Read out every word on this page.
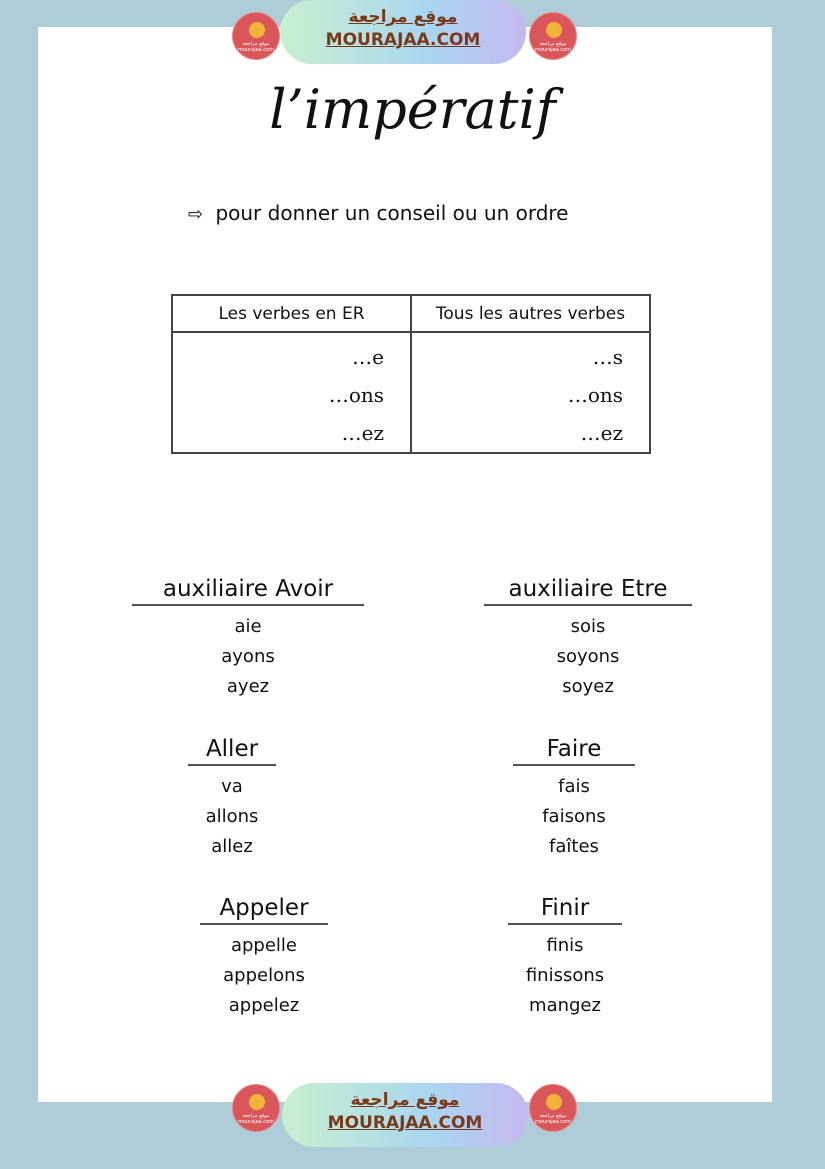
موقع مراجعة mourajaa.com
موقع مراجعة
MOURAJAA.COM	موقع مراجعة mourajaa.com
l’impératif
⇨ pour donner un conseil ou un ordre
Les verbes en ER	Tous les autres verbes
…e	…s
…ons	…ons
…ez	…ez
auxiliaire Avoir
aie
ayons
ayez
auxiliaire Etre
sois
soyons
soyez
Aller
va
allons
allez
Faire
fais
faisons
faîtes
Appeler
appelle
appelons
appelez
Finir
finis
finissons
mangez
موقع مراجعة mourajaa.com
موقع مراجعة
MOURAJAA.COM	موقع مراجعة mourajaa.com
